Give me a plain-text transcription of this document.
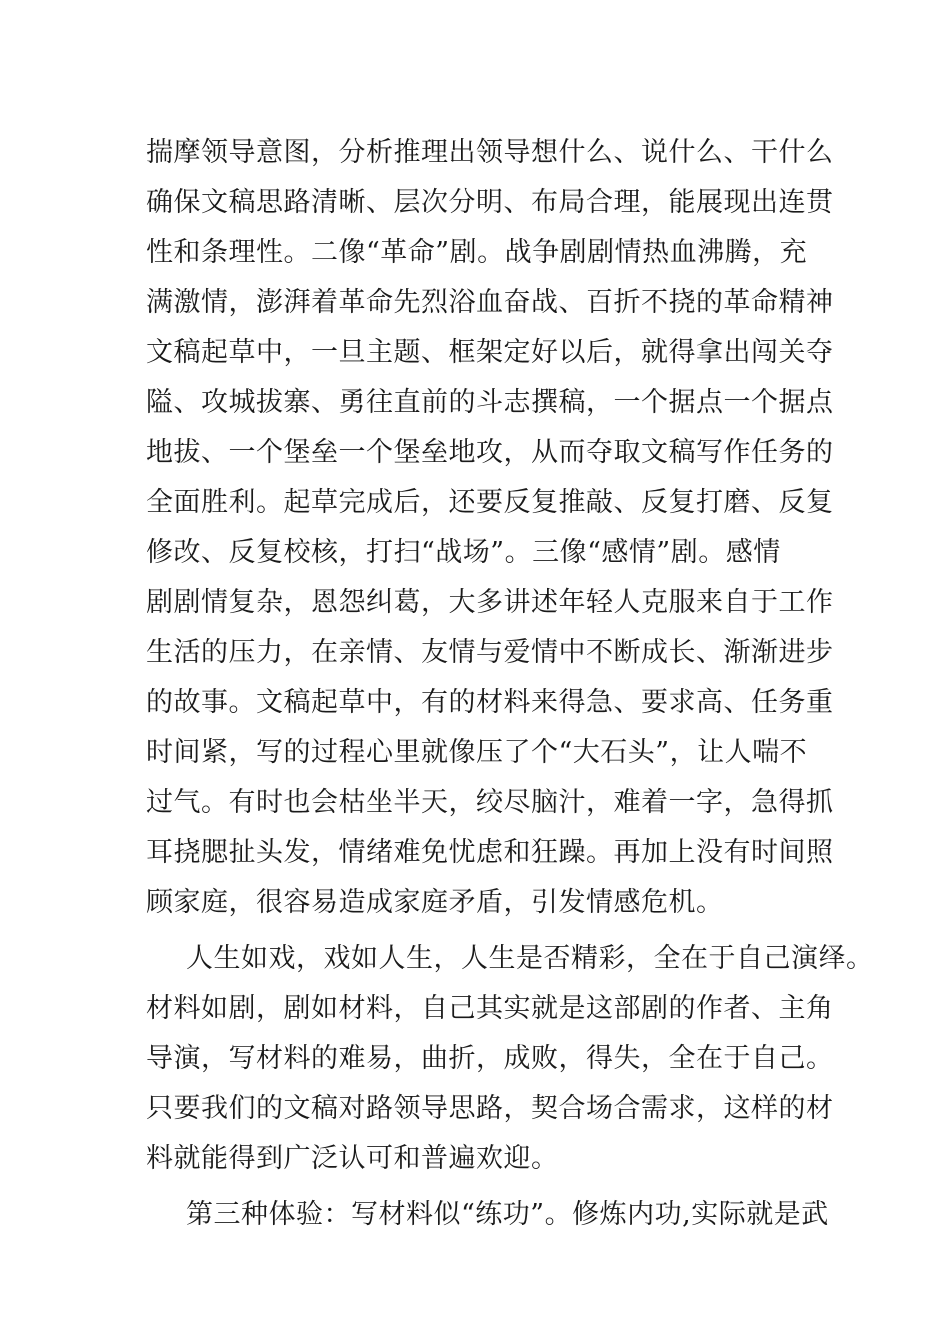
揣摩领导意图，分析推理出领导想什么、说什么、干什么
确保文稿思路清晰、层次分明、布局合理，能展现出连贯
性和条理性。二像“革命”剧。战争剧剧情热血沸腾，充
满激情，澎湃着革命先烈浴血奋战、百折不挠的革命精神
文稿起草中，一旦主题、框架定好以后，就得拿出闯关夺
隘、攻城拔寨、勇往直前的斗志撰稿，一个据点一个据点
地拔、一个堡垒一个堡垒地攻，从而夺取文稿写作任务的
全面胜利。起草完成后，还要反复推敲、反复打磨、反复
修改、反复校核，打扫“战场”。三像“感情”剧。感情
剧剧情复杂，恩怨纠葛，大多讲述年轻人克服来自于工作
生活的压力，在亲情、友情与爱情中不断成长、渐渐进步
的故事。文稿起草中，有的材料来得急、要求高、任务重
时间紧，写的过程心里就像压了个“大石头”，让人喘不
过气。有时也会枯坐半天，绞尽脑汁，难着一字，急得抓
耳挠腮扯头发，情绪难免忧虑和狂躁。再加上没有时间照
顾家庭，很容易造成家庭矛盾，引发情感危机。
人生如戏，戏如人生，人生是否精彩，全在于自己演绎。
材料如剧，剧如材料，自己其实就是这部剧的作者、主角
导演，写材料的难易，曲折，成败，得失，全在于自己。
只要我们的文稿对路领导思路，契合场合需求，这样的材
料就能得到广泛认可和普遍欢迎。
第三种体验：写材料似“练功”。修炼内功,实际就是武
